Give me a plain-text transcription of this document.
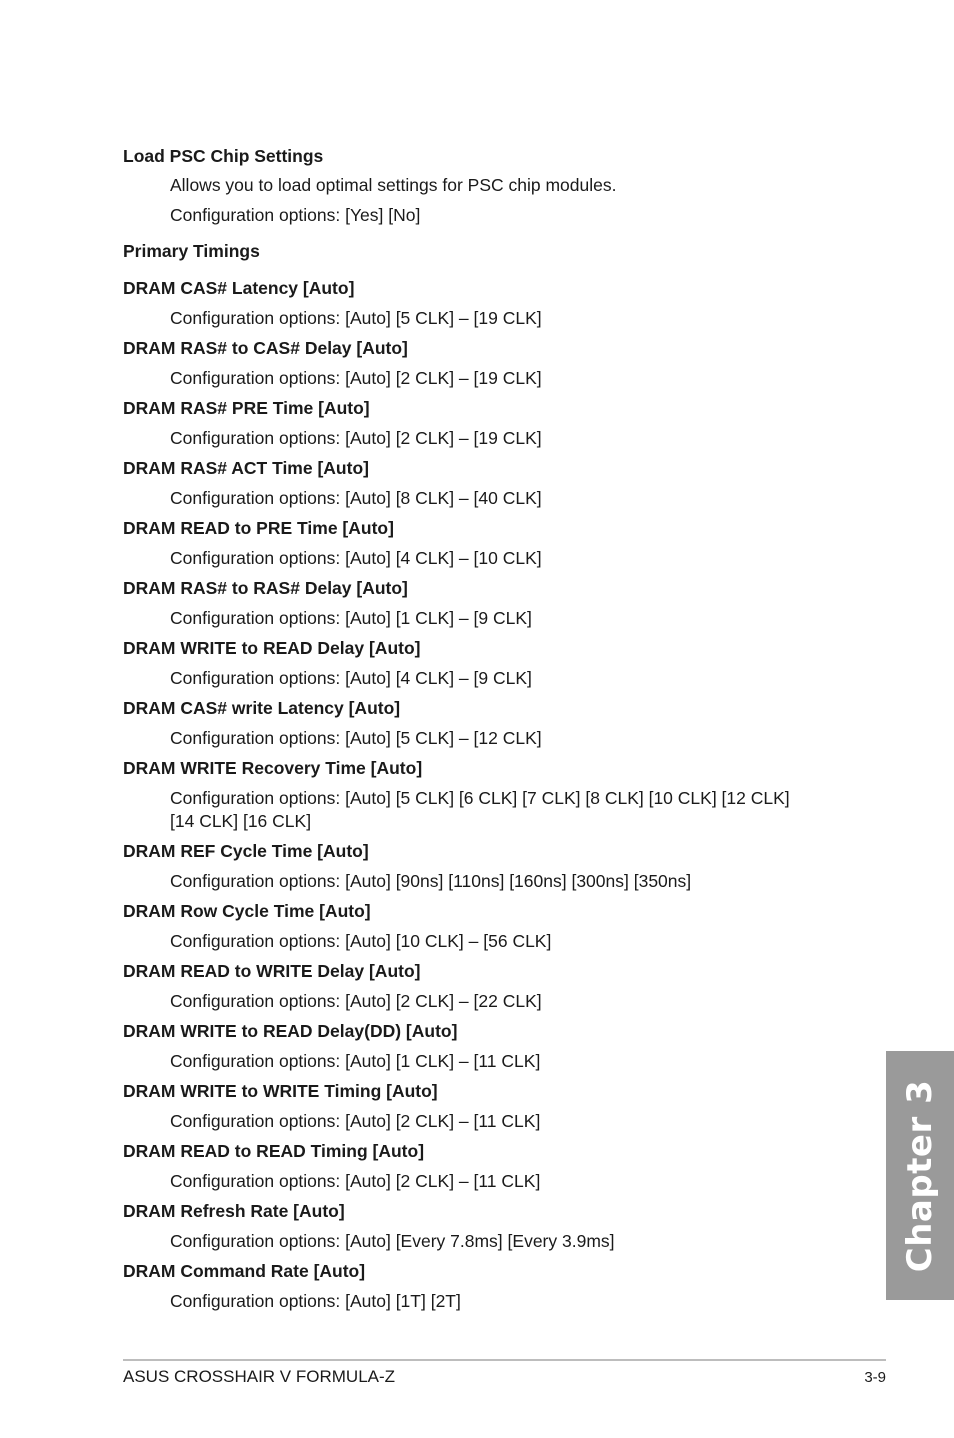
Load PSC Chip Settings
Allows you to load optimal settings for PSC chip modules.
Configuration options: [Yes] [No]
Primary Timings
DRAM CAS# Latency [Auto]
Configuration options: [Auto] [5 CLK] – [19 CLK]
DRAM RAS# to CAS# Delay [Auto]
Configuration options: [Auto] [2 CLK] – [19 CLK]
DRAM RAS# PRE Time [Auto]
Configuration options: [Auto] [2 CLK] – [19 CLK]
DRAM RAS# ACT Time [Auto]
Configuration options: [Auto] [8 CLK] – [40 CLK]
DRAM READ to PRE Time [Auto]
Configuration options: [Auto] [4 CLK] – [10 CLK]
DRAM RAS# to RAS# Delay [Auto]
Configuration options: [Auto] [1 CLK] – [9 CLK]
DRAM WRITE to READ Delay [Auto]
Configuration options: [Auto] [4 CLK] – [9 CLK]
DRAM CAS# write Latency [Auto]
Configuration options: [Auto] [5 CLK] – [12 CLK]
DRAM WRITE Recovery Time [Auto]
Configuration options: [Auto] [5 CLK] [6 CLK] [7 CLK] [8 CLK] [10 CLK] [12 CLK]
[14 CLK] [16 CLK]
DRAM REF Cycle Time [Auto]
Configuration options: [Auto] [90ns] [110ns] [160ns] [300ns] [350ns]
DRAM Row Cycle Time [Auto]
Configuration options: [Auto] [10 CLK] – [56 CLK]
DRAM READ to WRITE Delay [Auto]
Configuration options: [Auto] [2 CLK] – [22 CLK]
DRAM WRITE to READ Delay(DD) [Auto]
Configuration options: [Auto] [1 CLK] – [11 CLK]
DRAM WRITE to WRITE Timing [Auto]
Configuration options: [Auto] [2 CLK] – [11 CLK]
DRAM READ to READ Timing [Auto]
Configuration options: [Auto] [2 CLK] – [11 CLK]
DRAM Refresh Rate [Auto]
Configuration options: [Auto] [Every 7.8ms] [Every 3.9ms]
DRAM Command Rate [Auto]
Configuration options: [Auto] [1T] [2T]
Chapter 3
ASUS CROSSHAIR V FORMULA-Z	3-9
